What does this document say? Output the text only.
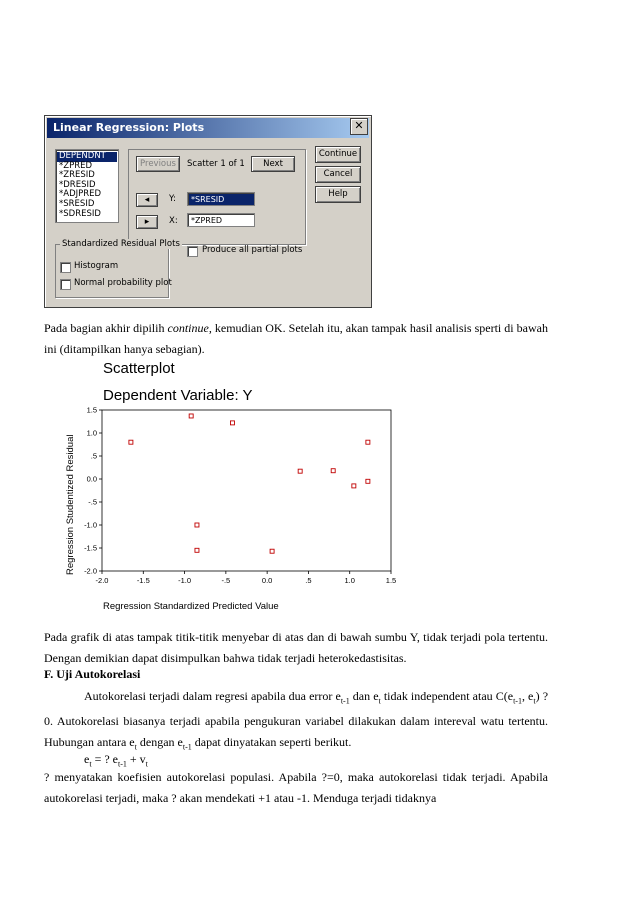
Linear Regression: Plots	✕
DEPENDNT
*ZPRED
*ZRESID
*DRESID
*ADJPRED
*SRESID
*SDRESID
Previous	Scatter 1 of 1	Next
◂	Y:	*SRESID
▸	X:	*ZPRED
Continue
Cancel
Help
Standardized Residual Plots
Histogram
Normal probability plot
Produce all partial plots
Pada bagian akhir dipilih continue, kemudian OK. Setelah itu, akan tampak hasil analisis sperti di bawah ini (ditampilkan hanya sebagian).
Scatterplot
Dependent Variable: Y
1.5
1.0
.5
0.0
-.5
-1.0
-1.5
-2.0
-2.0	-1.5	-1.0	-.5	0.0	.5	1.0	1.5
Regression Studentized Residual
Regression Standardized Predicted Value
Pada grafik di atas tampak titik-titik menyebar di atas dan di bawah sumbu Y, tidak terjadi pola tertentu. Dengan demikian dapat disimpulkan bahwa tidak terjadi heterokedastisitas.
F. Uji Autokorelasi
Autokorelasi terjadi dalam regresi apabila dua error $e_{t-1}$ dan $e_t$ tidak independent atau $C(e_{t-1}$, $e_t$) ? 0. Autokorelasi biasanya terjadi apabila pengukuran variabel dilakukan dalam intereval watu tertentu. Hubungan antara $e_t$ dengan $e_{t-1}$ dapat dinyatakan seperti berikut.
$e_t$ = ? $e_{t-1} + v_t$
? menyatakan koefisien autokorelasi populasi. Apabila ?=0, maka autokorelasi tidak terjadi. Apabila autokorelasi terjadi, maka ? akan mendekati +1 atau -1. Menduga terjadi tidaknya
